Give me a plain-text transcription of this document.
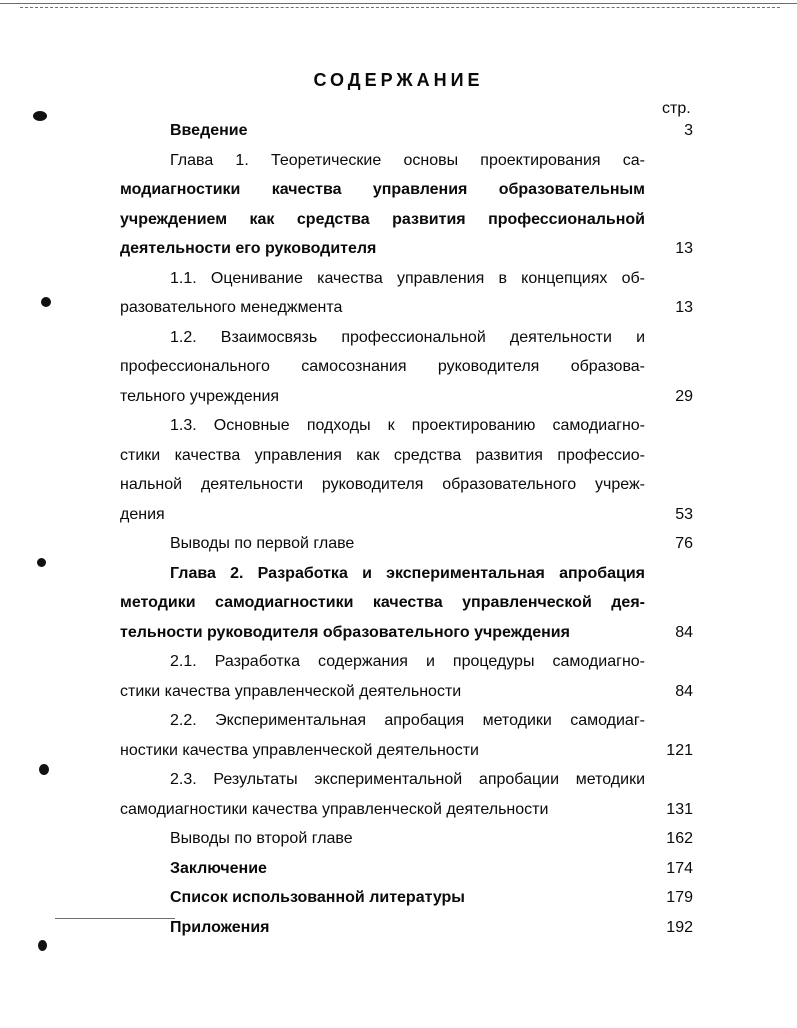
СОДЕРЖАНИЕ
стр.
Введение	3
Глава 1. Теоретические основы проектирования са-
модиагностики качества управления образовательным
учреждением как средства развития профессиональной
деятельности его руководителя	13
1.1. Оценивание качества управления в концепциях об-
разовательного менеджмента	13
1.2. Взаимосвязь профессиональной деятельности и
профессионального самосознания руководителя образова-
тельного учреждения	29
1.3. Основные подходы к проектированию самодиагно-
стики качества управления как средства развития профессио-
нальной деятельности руководителя образовательного учреж-
дения	53
Выводы по первой главе	76
Глава 2. Разработка и экспериментальная апробация
методики самодиагностики качества управленческой дея-
тельности руководителя образовательного учреждения	84
2.1. Разработка содержания и процедуры самодиагно-
стики качества управленческой деятельности	84
2.2. Экспериментальная апробация методики самодиаг-
ностики качества управленческой деятельности	121
2.3. Результаты экспериментальной апробации методики
самодиагностики качества управленческой деятельности	131
Выводы по второй главе	162
Заключение	174
Список использованной литературы	179
Приложения	192
